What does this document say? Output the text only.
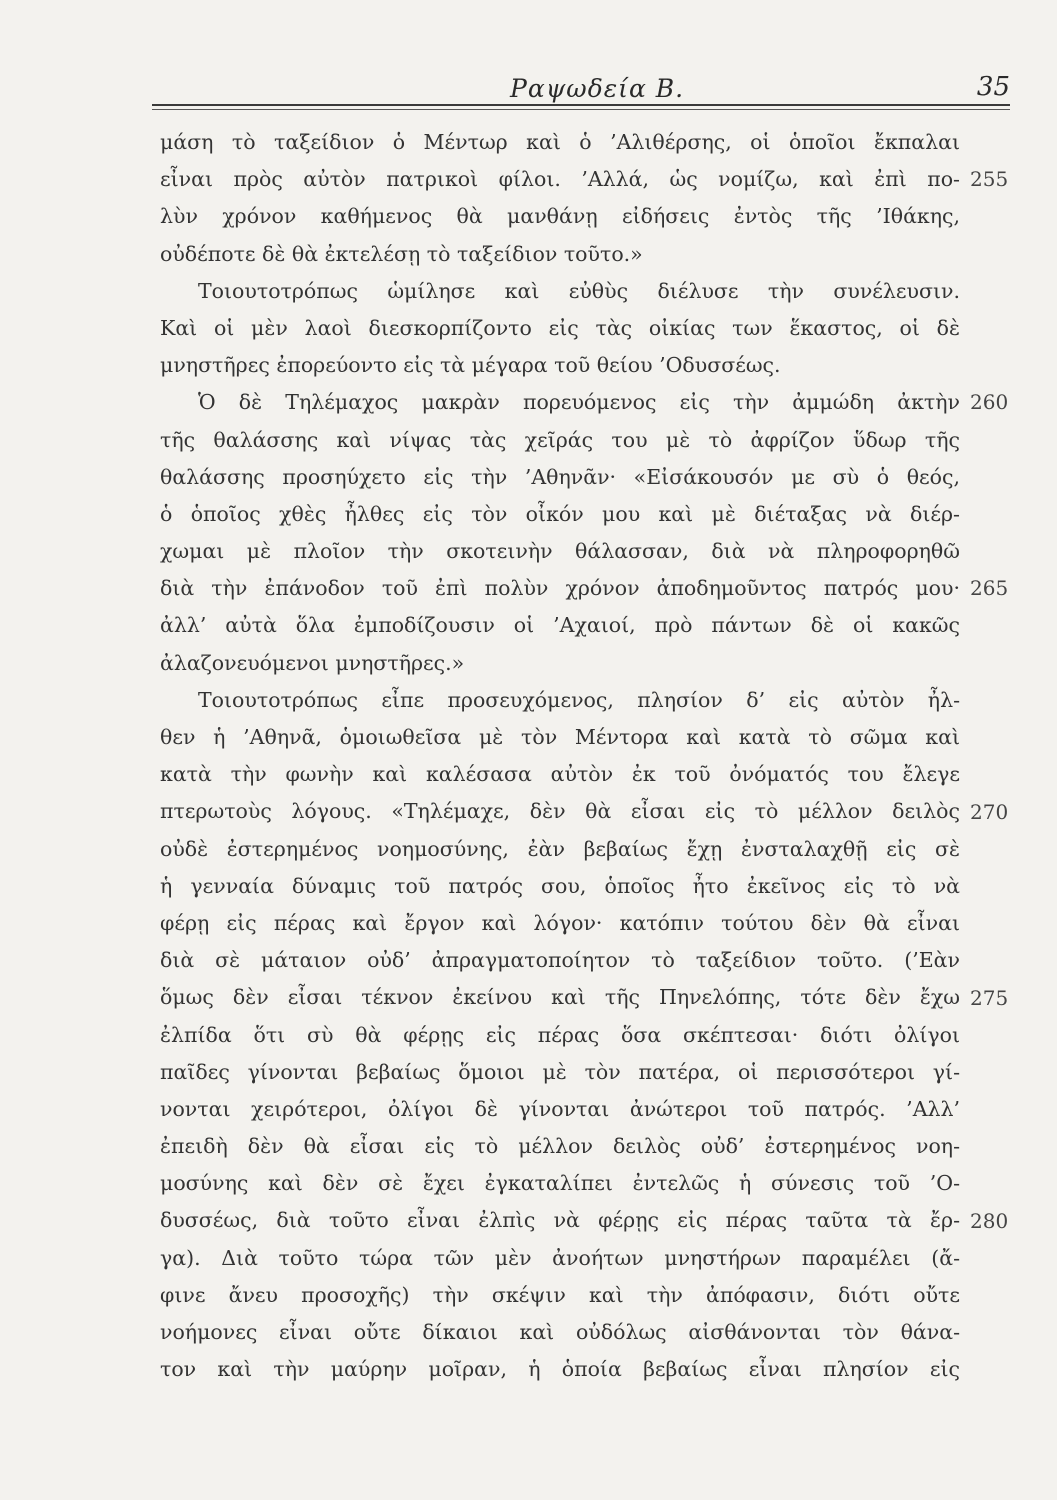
Ραψωδεία Β.	35
μάση τὸ ταξείδιον ὁ Μέντωρ καὶ ὁ ’Αλιθέρσης, οἱ ὁποῖοι ἔκπαλαι
εἶναι πρὸς αὐτὸν πατρικοὶ φίλοι. ’Αλλά, ὡς νομίζω, καὶ ἐπὶ πο-
λὺν χρόνον καθήμενος θὰ μανθάνῃ εἰδήσεις ἐντὸς τῆς ’Ιθάκης,
οὐδέποτε δὲ θὰ ἐκτελέσῃ τὸ ταξείδιον τοῦτο.»
Τοιουτοτρόπως ὡμίλησε καὶ εὐθὺς διέλυσε τὴν συνέλευσιν.
Καὶ οἱ μὲν λαοὶ διεσκορπίζοντο εἰς τὰς οἰκίας των ἕκαστος, οἱ δὲ
μνηστῆρες ἐπορεύοντο εἰς τὰ μέγαρα τοῦ θείου ’Οδυσσέως.
Ὁ δὲ Τηλέμαχος μακρὰν πορευόμενος εἰς τὴν ἀμμώδη ἀκτὴν
τῆς θαλάσσης καὶ νίψας τὰς χεῖράς του μὲ τὸ ἀφρίζον ὕδωρ τῆς
θαλάσσης προσηύχετο εἰς τὴν ’Αθηνᾶν· «Εἰσάκουσόν με σὺ ὁ θεός,
ὁ ὁποῖος χθὲς ἦλθες εἰς τὸν οἶκόν μου καὶ μὲ διέταξας νὰ διέρ-
χωμαι μὲ πλοῖον τὴν σκοτεινὴν θάλασσαν, διὰ νὰ πληροφορηθῶ
διὰ τὴν ἐπάνοδον τοῦ ἐπὶ πολὺν χρόνον ἀποδημοῦντος πατρός μου·
ἀλλ’ αὐτὰ ὅλα ἐμποδίζουσιν οἱ ’Αχαιοί, πρὸ πάντων δὲ οἱ κακῶς
ἀλαζονευόμενοι μνηστῆρες.»
Τοιουτοτρόπως εἶπε προσευχόμενος, πλησίον δ’ εἰς αὐτὸν ἦλ-
θεν ἡ ’Αθηνᾶ, ὁμοιωθεῖσα μὲ τὸν Μέντορα καὶ κατὰ τὸ σῶμα καὶ
κατὰ τὴν φωνὴν καὶ καλέσασα αὐτὸν ἐκ τοῦ ὀνόματός του ἔλεγε
πτερωτοὺς λόγους. «Τηλέμαχε, δὲν θὰ εἶσαι εἰς τὸ μέλλον δειλὸς
οὐδὲ ἐστερημένος νοημοσύνης, ἐὰν βεβαίως ἔχῃ ἐνσταλαχθῇ εἰς σὲ
ἡ γενναία δύναμις τοῦ πατρός σου, ὁποῖος ἦτο ἐκεῖνος εἰς τὸ νὰ
φέρῃ εἰς πέρας καὶ ἔργον καὶ λόγον· κατόπιν τούτου δὲν θὰ εἶναι
διὰ σὲ μάταιον οὐδ’ ἀπραγματοποίητον τὸ ταξείδιον τοῦτο. (’Εὰν
ὅμως δὲν εἶσαι τέκνον ἐκείνου καὶ τῆς Πηνελόπης, τότε δὲν ἔχω
ἐλπίδα ὅτι σὺ θὰ φέρῃς εἰς πέρας ὅσα σκέπτεσαι· διότι ὀλίγοι
παῖδες γίνονται βεβαίως ὅμοιοι μὲ τὸν πατέρα, οἱ περισσότεροι γί-
νονται χειρότεροι, ὀλίγοι δὲ γίνονται ἀνώτεροι τοῦ πατρός. ’Αλλ’
ἐπειδὴ δὲν θὰ εἶσαι εἰς τὸ μέλλον δειλὸς οὐδ’ ἐστερημένος νοη-
μοσύνης καὶ δὲν σὲ ἔχει ἐγκαταλίπει ἐντελῶς ἡ σύνεσις τοῦ ’Ο-
δυσσέως, διὰ τοῦτο εἶναι ἐλπὶς νὰ φέρῃς εἰς πέρας ταῦτα τὰ ἔρ-
γα). Διὰ τοῦτο τώρα τῶν μὲν ἀνοήτων μνηστήρων παραμέλει (ἄ-
φινε ἄνευ προσοχῆς) τὴν σκέψιν καὶ τὴν ἀπόφασιν, διότι οὔτε
νοήμονες εἶναι οὔτε δίκαιοι καὶ οὐδόλως αἰσθάνονται τὸν θάνα-
τον καὶ τὴν μαύρην μοῖραν, ἡ ὁποία βεβαίως εἶναι πλησίον εἰς
255
260
265
270
275
280
